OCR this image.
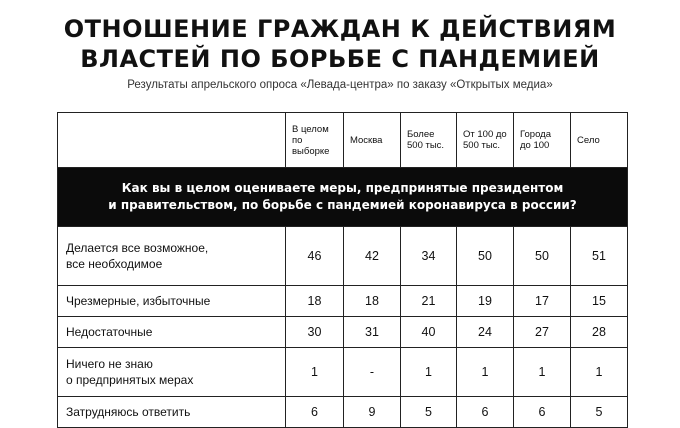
ОТНОШЕНИЕ ГРАЖДАН К ДЕЙСТВИЯМ
ВЛАСТЕЙ ПО БОРЬБЕ С ПАНДЕМИЕЙ
Результаты апрельского опроса «Левада-центра» по заказу «Открытых медиа»
	В целом по выборке	Москва	Более 500 тыс.	От 100 до 500 тыс.	Города до 100	Село

Как вы в целом оцениваете меры, предпринятые президентом
и правительством, по борьбе с пандемией коронавируса в россии?						

Делается все возможное,
все необходимое	46	42	34	50	50	51

Чрезмерные, избыточные	18	18	21	19	17	15

Недостаточные	30	31	40	24	27	28

Ничего не знаю
о предпринятых мерах	1	-	1	1	1	1

Затрудняюсь ответить	6	9	5	6	6	5
